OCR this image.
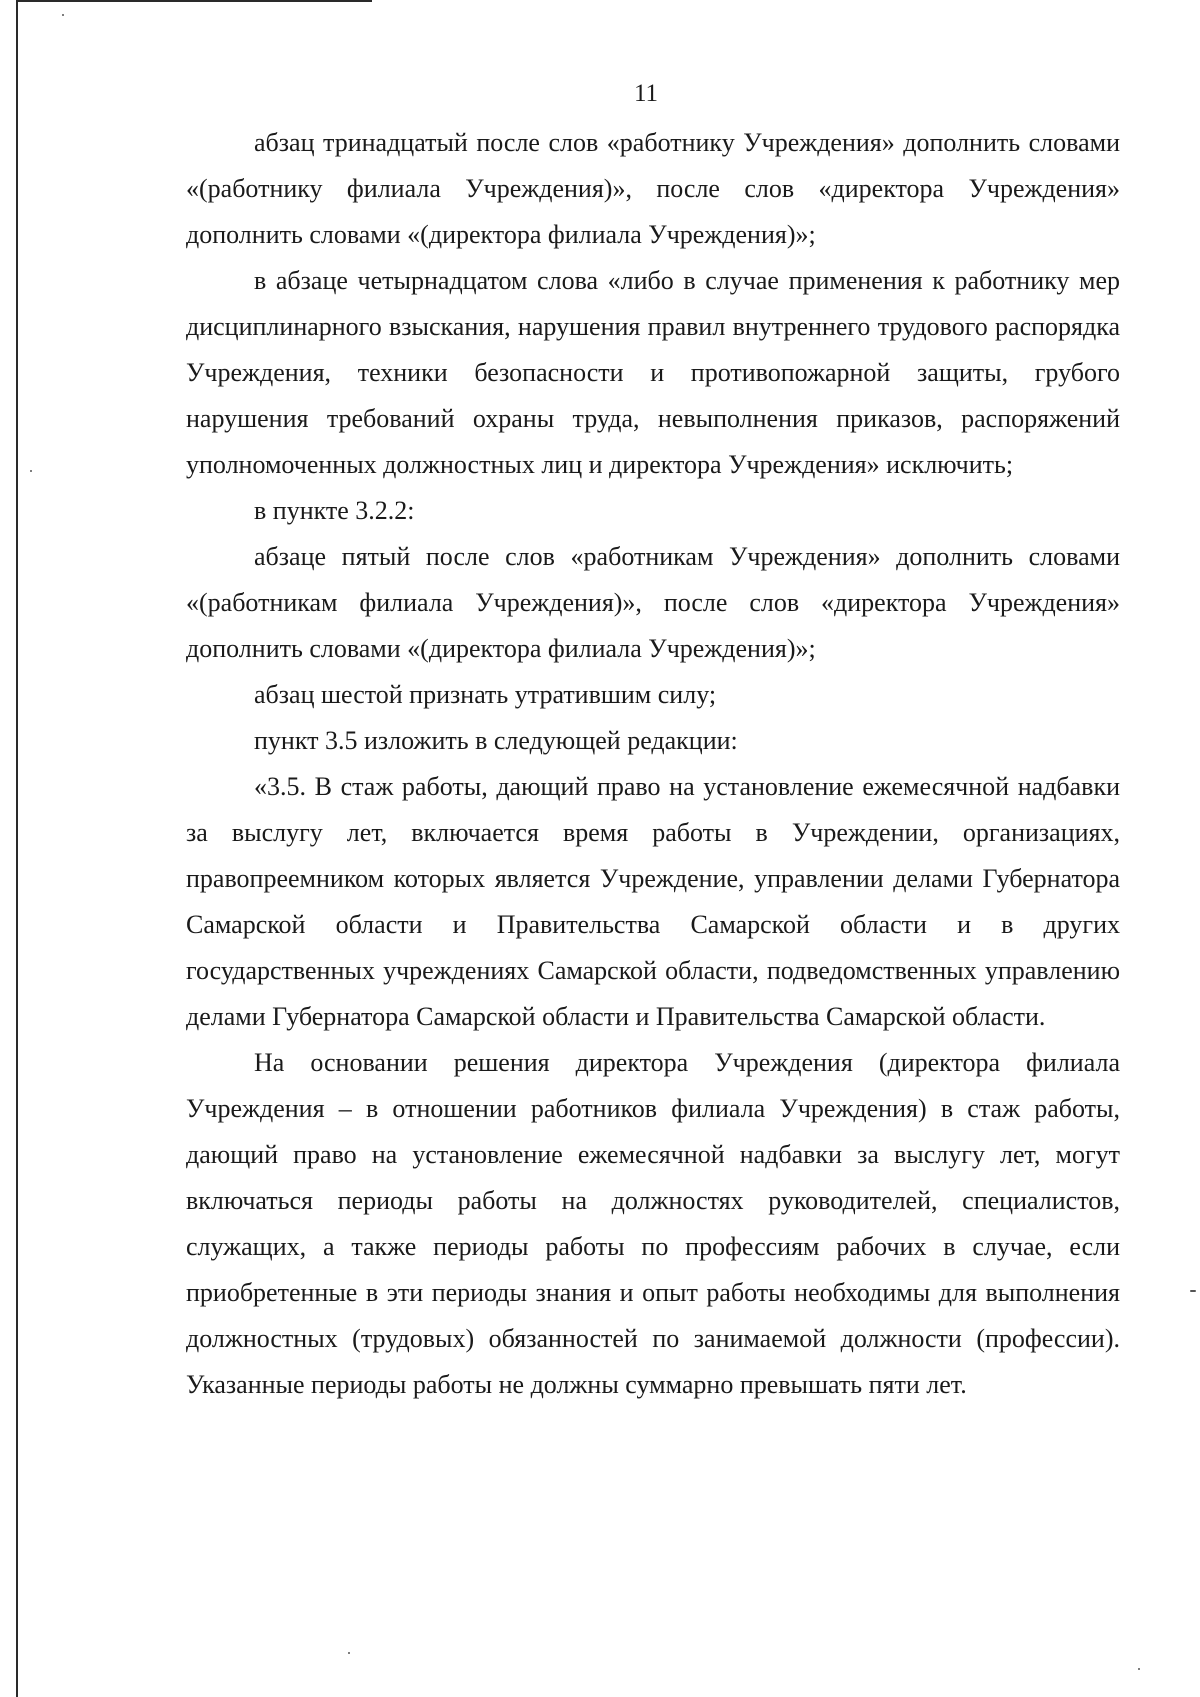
11

абзац тринадцатый после слов «работнику Учреждения» дополнить словами «(работнику филиала Учреждения)», после слов «директора Учреждения» дополнить словами «(директора филиала Учреждения)»;

в абзаце четырнадцатом слова «либо в случае применения к работнику мер дисциплинарного взыскания, нарушения правил внутреннего трудового распорядка Учреждения, техники безопасности и противопожарной защиты, грубого нарушения требований охраны труда, невыполнения приказов, распоряжений уполномоченных должностных лиц и директора Учреждения» исключить;

в пункте 3.2.2:

абзаце пятый после слов «работникам Учреждения» дополнить словами «(работникам филиала Учреждения)», после слов «директора Учреждения» дополнить словами «(директора филиала Учреждения)»;

абзац шестой признать утратившим силу;

пункт 3.5 изложить в следующей редакции:

«3.5. В стаж работы, дающий право на установление ежемесячной надбавки за выслугу лет, включается время работы в Учреждении, организациях, правопреемником которых является Учреждение, управлении делами Губернатора Самарской области и Правительства Самарской области и в других государственных учреждениях Самарской области, подведомственных управлению делами Губернатора Самарской области и Правительства Самарской области.

На основании решения директора Учреждения (директора филиала Учреждения – в отношении работников филиала Учреждения) в стаж работы, дающий право на установление ежемесячной надбавки за выслугу лет, могут включаться периоды работы на должностях руководителей, специалистов, служащих, а также периоды работы по профессиям рабочих в случае, если приобретенные в эти периоды знания и опыт работы необходимы для выполнения должностных (трудовых) обязанностей по занимаемой должности (профессии). Указанные периоды работы не должны суммарно превышать пяти лет.
